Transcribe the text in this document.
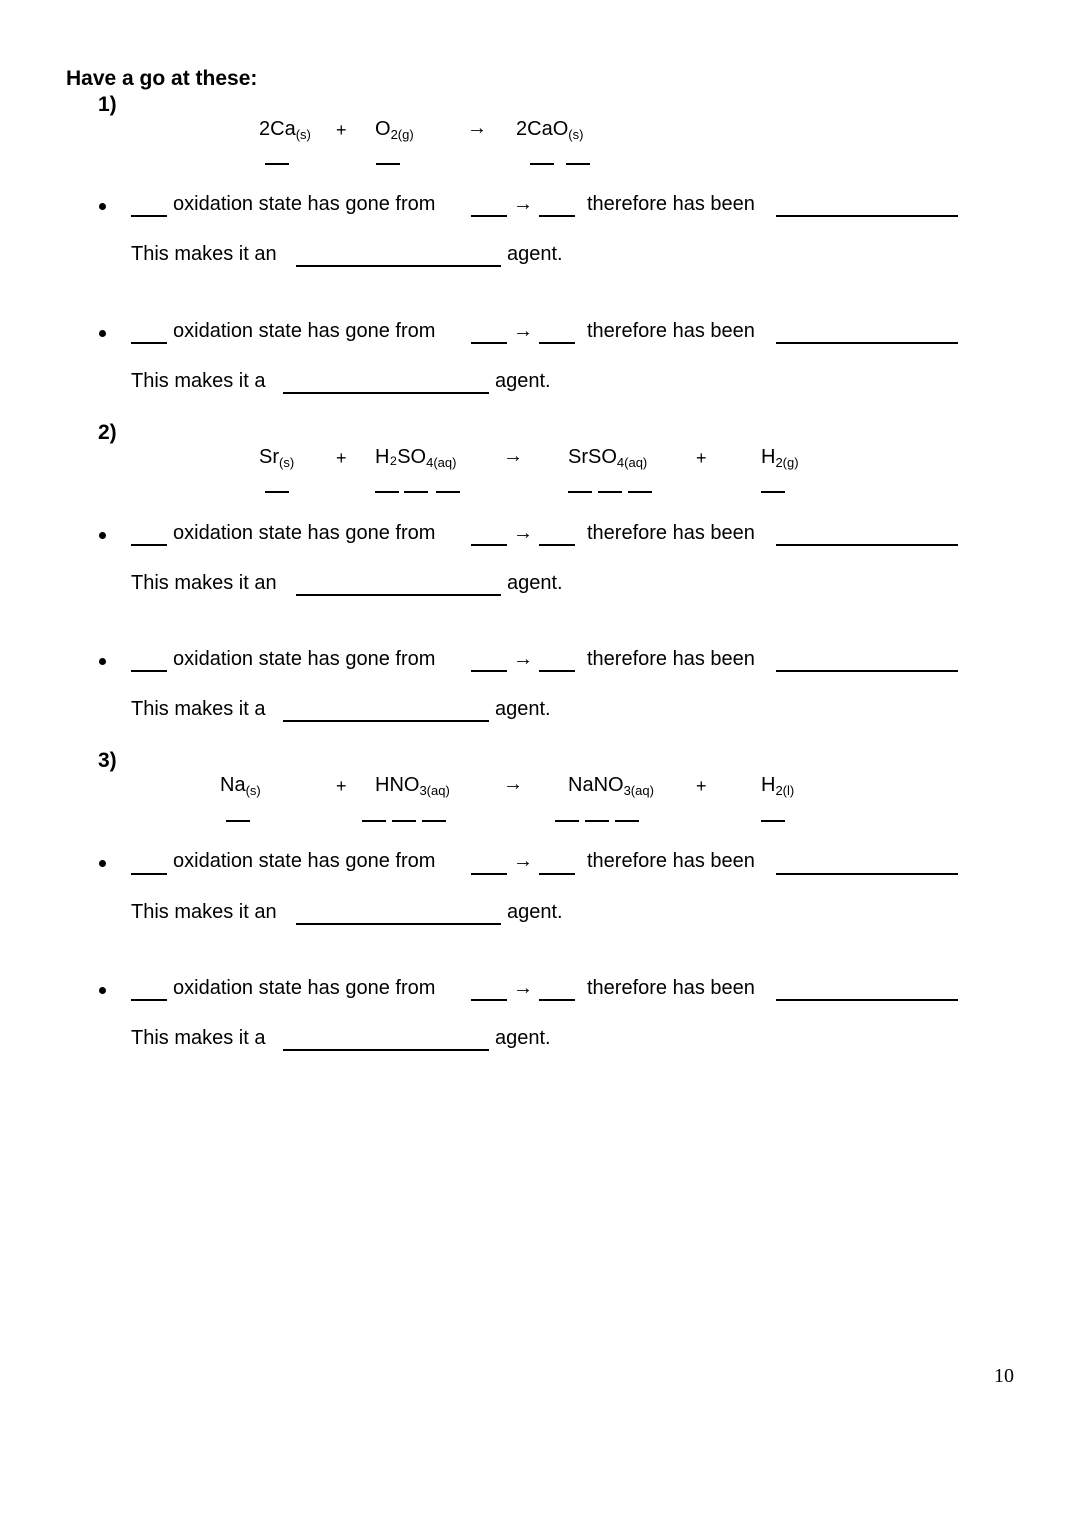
Have a go at these:
1)
$2Ca_{(s)} + O_{2(g)}$	→ 2CaO$_{(s)}$
oxidation state has gone from	→	therefore has been
This makes it an	agent.
oxidation state has gone from	→	therefore has been
This makes it a	agent.
2)
$Sr_{(s)} + H_2SO_{4(aq)}$ → SrSO$_{4(aq)}$	+	$H_{2(g)}$
oxidation state has gone from	→	therefore has been
This makes it an	agent.
oxidation state has gone from	→	therefore has been
This makes it a	agent.
3)
$Na_{(s)}$	+ $HNO_{3(aq)}$	→ NaNO$_{3(aq)}$ +	$H_{2(l)}$
oxidation state has gone from	→	therefore has been
This makes it an	agent.
oxidation state has gone from	→	therefore has been
This makes it a	agent.
10
